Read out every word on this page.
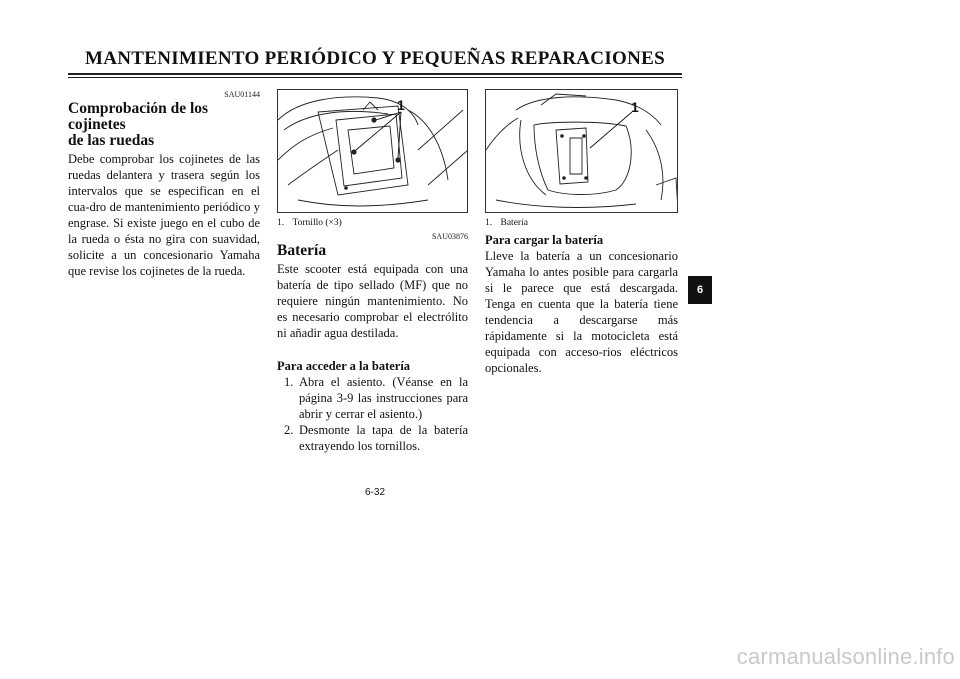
MANTENIMIENTO PERIÓDICO Y PEQUEÑAS REPARACIONES
SAU01144
Comprobación de los cojinetes
de las ruedas

Debe comprobar los cojinetes de las ruedas delantera y trasera según los intervalos que se especifican en el cua-dro de mantenimiento periódico y engrase. Si existe juego en el cubo de la rueda o ésta no gira con suavidad, solicite a un concesionario Yamaha que revise los cojinetes de la rueda.

1
1. Tornillo (×3)
SAU03876
Batería

Este scooter está equipada con una batería de tipo sellado (MF) que no requiere ningún mantenimiento. No es necesario comprobar el electrólito ni añadir agua destilada.

Para acceder a la batería
1. Abra el asiento. (Véanse en la página 3-9 las instrucciones para abrir y cerrar el asiento.)
2. Desmonte la tapa de la batería extrayendo los tornillos.
1
1. Batería
Para cargar la batería

Lleve la batería a un concesionario Yamaha lo antes posible para cargarla si le parece que está descargada. Tenga en cuenta que la batería tiene tendencia a descargarse más rápidamente si la motocicleta está equipada con acceso-rios eléctricos opcionales.

6-32
6
carmanualsonline.info
